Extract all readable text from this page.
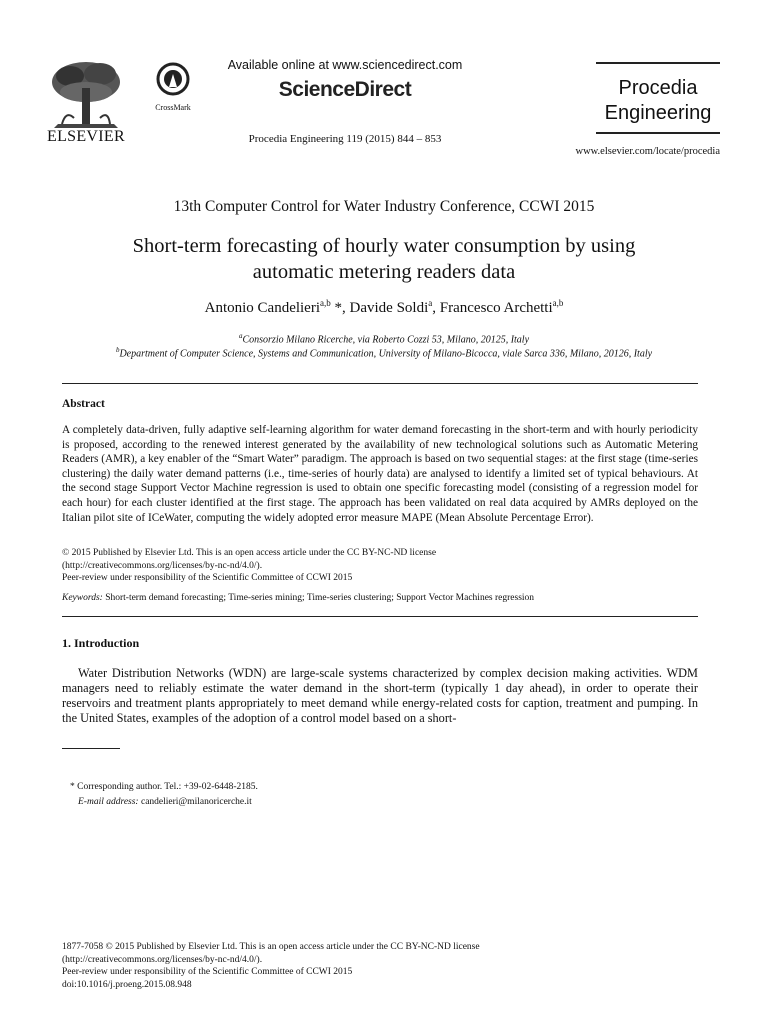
ELSEVIER
CrossMark
Available online at www.sciencedirect.com
ScienceDirect
Procedia Engineering 119 (2015) 844 – 853
Procedia
Engineering
www.elsevier.com/locate/procedia
13th Computer Control for Water Industry Conference, CCWI 2015
Short-term forecasting of hourly water consumption by using
automatic metering readers data
Antonio Candelieri$^{a,b}$ *, Davide Soldi$^a$, Francesco Archetti$^{a,b}$
$^a$Consorzio Milano Ricerche, via Roberto Cozzi 53, Milano, 20125, Italy
$^b$Department of Computer Science, Systems and Communication, University of Milano-Bicocca, viale Sarca 336, Milano, 20126, Italy
Abstract
A completely data-driven, fully adaptive self-learning algorithm for water demand forecasting in the short-term and with hourly periodicity is proposed, according to the renewed interest generated by the availability of new technological solutions such as Automatic Metering Readers (AMR), a key enabler of the “Smart Water” paradigm. The approach is based on two sequential stages: at the first stage (time-series clustering) the daily water demand patterns (i.e., time-series of hourly data) are analysed to identify a limited set of typical behaviours. At the second stage Support Vector Machine regression is used to obtain one specific forecasting model (consisting of a regression model for each hour) for each cluster identified at the first stage. The approach has been validated on real data acquired by AMRs deployed on the Italian pilot site of ICeWater, computing the widely adopted error measure MAPE (Mean Absolute Percentage Error).
© 2015 Published by Elsevier Ltd. This is an open access article under the CC BY-NC-ND license
(http://creativecommons.org/licenses/by-nc-nd/4.0/).
Peer-review under responsibility of the Scientific Committee of CCWI 2015
Keywords: Short-term demand forecasting; Time-series mining; Time-series clustering; Support Vector Machines regression
1. Introduction
Water Distribution Networks (WDN) are large-scale systems characterized by complex decision making activities. WDM managers need to reliably estimate the water demand in the short-term (typically 1 day ahead), in order to operate their reservoirs and treatment plants appropriately to meet demand while energy-related costs for caption, treatment and pumping. In the United States, examples of the adoption of a control model based on a short-
* Corresponding author. Tel.: +39-02-6448-2185.
E-mail address: candelieri@milanoricerche.it
1877-7058 © 2015 Published by Elsevier Ltd. This is an open access article under the CC BY-NC-ND license
(http://creativecommons.org/licenses/by-nc-nd/4.0/).
Peer-review under responsibility of the Scientific Committee of CCWI 2015
doi:10.1016/j.proeng.2015.08.948
